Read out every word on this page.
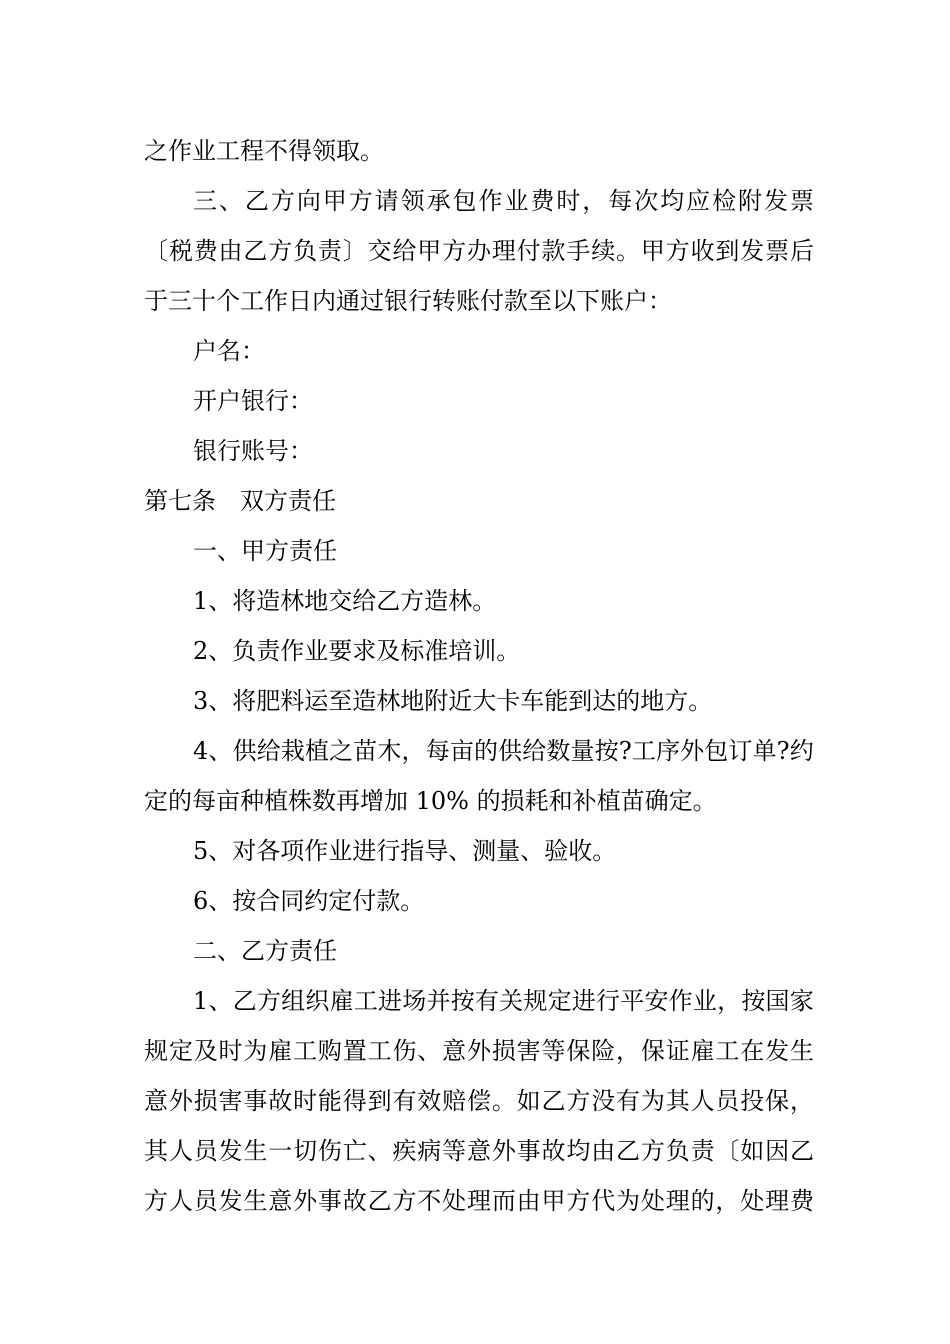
之作业工程不得领取。
三 、 乙 方 向 甲 方 请 领 承 包 作 业 费 时 ， 每 次 均 应 检 附 发 票
〔 税 费 由 乙 方 负 责 〕 交 给 甲 方 办 理 付 款 手 续 。 甲 方 收 到 发 票 后
于三十个工作日内通过银行转账付款至以下账户：
户名：
开户银行：
银行账号：
第七条　双方责任
一、甲方责任
1、将造林地交给乙方造林。
2、负责作业要求及标准培训。
3、将肥料运至造林地附近大卡车能到达的地方。
4 、 供 给 栽 植 之 苗 木 ， 每 亩 的 供 给 数 量 按 ? 工 序 外 包 订 单 ? 约
定的每亩种植株数再增加 10% 的损耗和补植苗确定。
5、对各项作业进行指导、测量、验收。
6、按合同约定付款。
二、乙方责任
1 、 乙 方 组 织 雇 工 进 场 并 按 有 关 规 定 进 行 平 安 作 业 ， 按 国 家
规 定 及 时 为 雇 工 购 置 工 伤 、 意 外 损 害 等 保 险 ， 保 证 雇 工 在 发 生
意 外 损 害 事 故 时 能 得 到 有 效 赔 偿 。 如 乙 方 没 有 为 其 人 员 投 保 ，
其 人 员 发 生 一 切 伤 亡 、 疾 病 等 意 外 事 故 均 由 乙 方 负 责 〔 如 因 乙
方 人 员 发 生 意 外 事 故 乙 方 不 处 理 而 由 甲 方 代 为 处 理 的 ， 处 理 费
